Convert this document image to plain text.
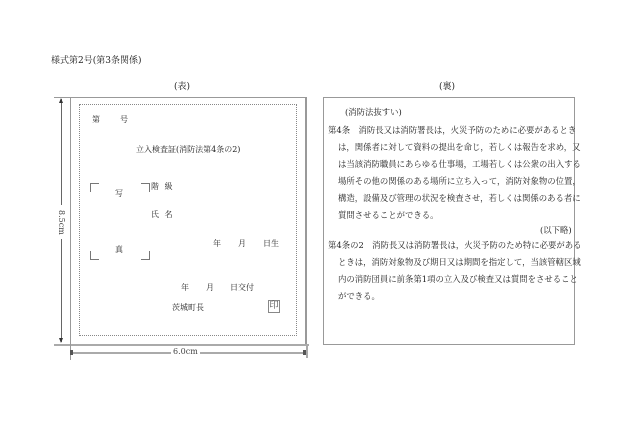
様式第2号(第3条関係)
(表)	(裏)
8.5cm
6.0cm
第	号
立入検査証(消防法第4条の2)
写
真
階 級
氏 名
年 月 日生
年 月 日交付
茨城町長	印
(消防法抜すい)
第4条　消防長又は消防署長は，火災予防のために必要があるとき
は，関係者に対して資料の提出を命じ，若しくは報告を求め，又
は当該消防職員にあらゆる仕事場，工場若しくは公衆の出入する
場所その他の関係のある場所に立ち入って，消防対象物の位置，
構造，設備及び管理の状況を検査させ，若しくは関係のある者に
質問させることができる。
(以下略)
第4条の2　消防長又は消防署長は，火災予防のため特に必要がある
ときは，消防対象物及び期日又は期間を指定して，当該管轄区域
内の消防団員に前条第1項の立入及び検査又は質問をさせること
ができる。
